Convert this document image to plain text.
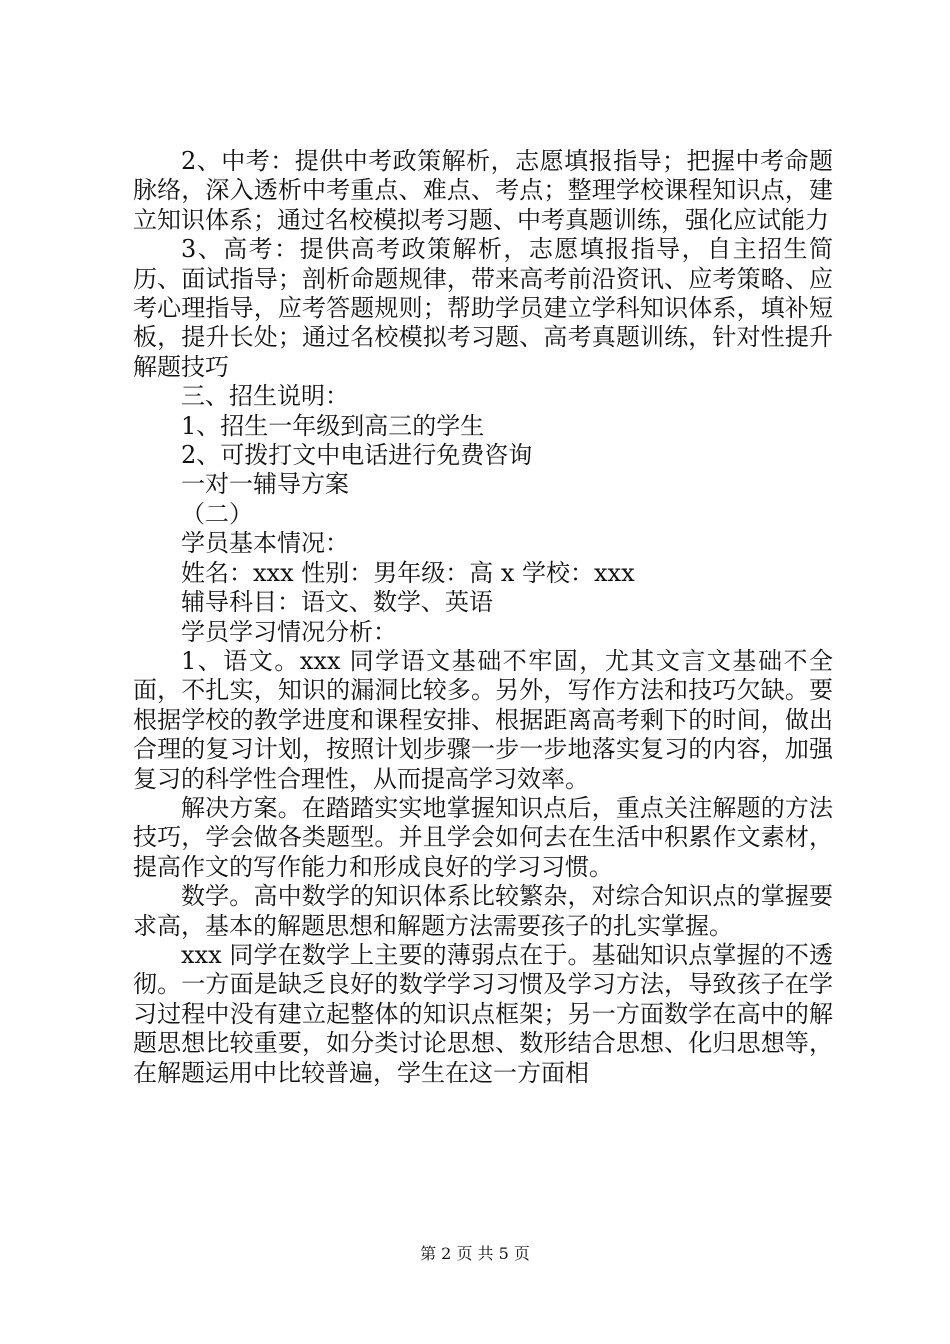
2、中考：提供中考政策解析，志愿填报指导；把握中考命题脉络，深入透析中考重点、难点、考点；整理学校课程知识点，建立知识体系；通过名校模拟考习题、中考真题训练，强化应试能力

3、高考：提供高考政策解析，志愿填报指导，自主招生简历、面试指导；剖析命题规律，带来高考前沿资讯、应考策略、应考心理指导，应考答题规则；帮助学员建立学科知识体系，填补短板，提升长处；通过名校模拟考习题、高考真题训练，针对性提升解题技巧

三、招生说明：

1、招生一年级到高三的学生

2、可拨打文中电话进行免费咨询

一对一辅导方案

（二）

学员基本情况：

姓名：xxx 性别：男年级：高 x 学校：xxx

辅导科目：语文、数学、英语

学员学习情况分析：

1、语文。xxx 同学语文基础不牢固，尤其文言文基础不全面，不扎实，知识的漏洞比较多。另外，写作方法和技巧欠缺。要根据学校的教学进度和课程安排、根据距离高考剩下的时间，做出合理的复习计划，按照计划步骤一步一步地落实复习的内容，加强复习的科学性合理性，从而提高学习效率。

解决方案。在踏踏实实地掌握知识点后，重点关注解题的方法技巧，学会做各类题型。并且学会如何去在生活中积累作文素材，提高作文的写作能力和形成良好的学习习惯。

数学。高中数学的知识体系比较繁杂，对综合知识点的掌握要求高，基本的解题思想和解题方法需要孩子的扎实掌握。

xxx 同学在数学上主要的薄弱点在于。基础知识点掌握的不透彻。一方面是缺乏良好的数学学习习惯及学习方法，导致孩子在学习过程中没有建立起整体的知识点框架；另一方面数学在高中的解题思想比较重要，如分类讨论思想、数形结合思想、化归思想等，在解题运用中比较普遍，学生在这一方面相

第 2 页 共 5 页
